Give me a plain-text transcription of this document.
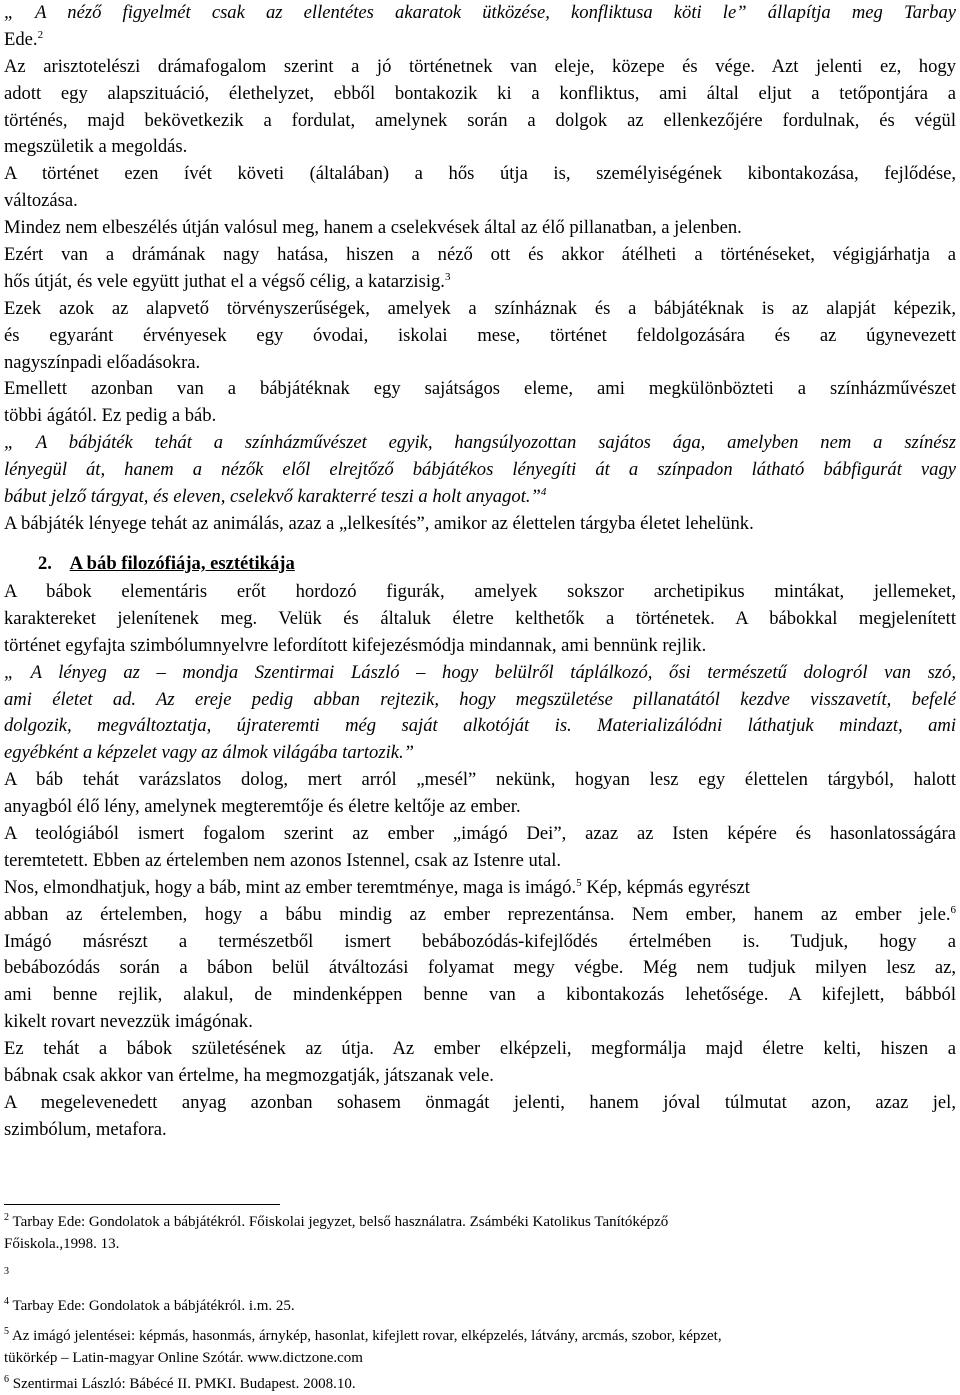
„ A néző figyelmét csak az ellentétes akaratok ütközése, konfliktusa köti le” állapítja meg Tarbay
Ede.$^2$
Az arisztotelészi drámafogalom szerint a jó történetnek van eleje, közepe és vége. Azt jelenti ez, hogy
adott egy alapszituáció, élethelyzet, ebből bontakozik ki a konfliktus, ami által eljut a tetőpontjára a
történés, majd bekövetkezik a fordulat, amelynek során a dolgok az ellenkezőjére fordulnak, és végül
megszületik a megoldás.
A történet ezen ívét követi (általában) a hős útja is, személyiségének kibontakozása, fejlődése,
változása.
Mindez nem elbeszélés útján valósul meg, hanem a cselekvések által az élő pillanatban, a jelenben.
Ezért van a drámának nagy hatása, hiszen a néző ott és akkor átélheti a történéseket, végigjárhatja a
hős útját, és vele együtt juthat el a végső célig, a katarzisig.$^3$
Ezek azok az alapvető törvényszerűségek, amelyek a színháznak és a bábjátéknak is az alapját képezik,
és egyaránt érvényesek egy óvodai, iskolai mese, történet feldolgozására és az úgynevezett
nagyszínpadi előadásokra.
Emellett azonban van a bábjátéknak egy sajátságos eleme, ami megkülönbözteti a színházművészet
többi ágától. Ez pedig a báb.
„ A bábjáték tehát a színházművészet egyik, hangsúlyozottan sajátos ága, amelyben nem a színész
lényegül át, hanem a nézők elől elrejtőző bábjátékos lényegíti át a színpadon látható bábfigurát vagy
bábut jelző tárgyat, és eleven, cselekvő karakterré teszi a holt anyagot.”$^4$
A bábjáték lényege tehát az animálás, azaz a „lelkesítés”, amikor az élettelen tárgyba életet lehelünk.
2. A báb filozófiája, esztétikája
A bábok elementáris erőt hordozó figurák, amelyek sokszor archetipikus mintákat, jellemeket,
karaktereket jelenítenek meg. Velük és általuk életre kelthetők a történetek. A bábokkal megjelenített
történet egyfajta szimbólumnyelvre lefordított kifejezésmódja mindannak, ami bennünk rejlik.
„ A lényeg az – mondja Szentirmai László – hogy belülről táplálkozó, ősi természetű dologról van szó,
ami életet ad. Az ereje pedig abban rejtezik, hogy megszületése pillanatától kezdve visszavetít, befelé
dolgozik, megváltoztatja, újrateremti még saját alkotóját is. Materializálódni láthatjuk mindazt, ami
egyébként a képzelet vagy az álmok világába tartozik.”
A báb tehát varázslatos dolog, mert arról „mesél” nekünk, hogyan lesz egy élettelen tárgyból, halott
anyagból élő lény, amelynek megteremtője és életre keltője az ember.
A teológiából ismert fogalom szerint az ember „imágó Dei”, azaz az Isten képére és hasonlatosságára
teremtetett. Ebben az értelemben nem azonos Istennel, csak az Istenre utal.
Nos, elmondhatjuk, hogy a báb, mint az ember teremtménye, maga is imágó.$^5$ Kép, képmás egyrészt
abban az értelemben, hogy a bábu mindig az ember reprezentánsa. Nem ember, hanem az ember jele.$^6$
Imágó másrészt a természetből ismert bebábozódás-kifejlődés értelmében is. Tudjuk, hogy a
bebábozódás során a bábon belül átváltozási folyamat megy végbe. Még nem tudjuk milyen lesz az,
ami benne rejlik, alakul, de mindenképpen benne van a kibontakozás lehetősége. A kifejlett, bábból
kikelt rovart nevezzük imágónak.
Ez tehát a bábok születésének az útja. Az ember elképzeli, megformálja majd életre kelti, hiszen a
bábnak csak akkor van értelme, ha megmozgatják, játszanak vele.
A megelevenedett anyag azonban sohasem önmagát jelenti, hanem jóval túlmutat azon, azaz jel,
szimbólum, metafora.
$^2$ Tarbay Ede: Gondolatok a bábjátékról. Főiskolai jegyzet, belső használatra. Zsámbéki Katolikus Tanítóképző
Főiskola.,1998. 13.
$^3$
$^4$ Tarbay Ede: Gondolatok a bábjátékról. i.m. 25.
$^5$ Az imágó jelentései: képmás, hasonmás, árnykép, hasonlat, kifejlett rovar, elképzelés, látvány, arcmás, szobor, képzet,
tükörkép – Latin-magyar Online Szótár. www.dictzone.com
$^6$ Szentirmai László: Bábécé II. PMKI. Budapest. 2008.10.
